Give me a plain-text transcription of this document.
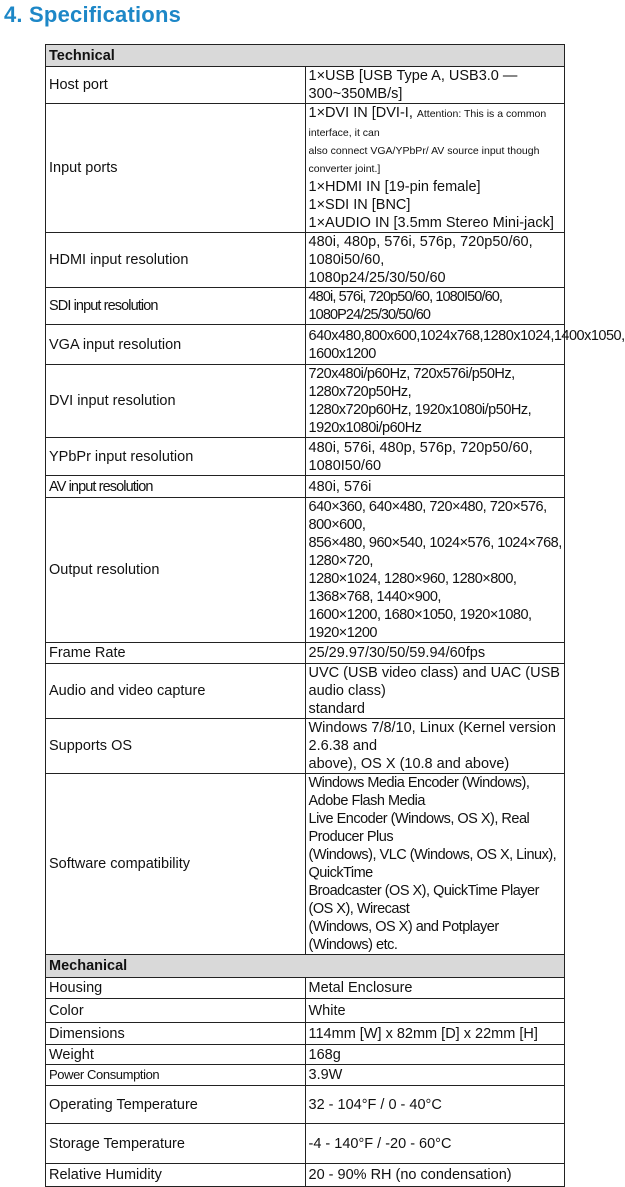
4. Specifications
Technical	
Host port	1×USB [USB Type A, USB3.0 — 300~350MB/s]

Input ports	1×DVI IN [DVI-I, Attention: This is a common interface, it can
also connect VGA/YPbPr/ AV source input though converter joint.]
1×HDMI IN [19-pin female]
1×SDI IN [BNC]
1×AUDIO IN [3.5mm Stereo Mini-jack]

HDMI input resolution	480i, 480p, 576i, 576p, 720p50/60, 1080i50/60,
1080p24/25/30/50/60

SDI input resolution	480i, 576i, 720p50/60, 1080I50/60, 1080P24/25/30/50/60

VGA input resolution	640x480,800x600,1024x768,1280x1024,1400x1050,
1600x1200

DVI input resolution	720x480i/p60Hz, 720x576i/p50Hz, 1280x720p50Hz,
1280x720p60Hz, 1920x1080i/p50Hz, 1920x1080i/p60Hz

YPbPr input resolution	480i, 576i, 480p, 576p, 720p50/60, 1080I50/60

AV input resolution	480i, 576i

Output resolution	640×360, 640×480, 720×480, 720×576, 800×600,
856×480, 960×540, 1024×576, 1024×768, 1280×720,
1280×1024, 1280×960, 1280×800, 1368×768, 1440×900,
1600×1200, 1680×1050, 1920×1080, 1920×1200

Frame Rate	25/29.97/30/50/59.94/60fps

Audio and video capture	UVC (USB video class) and UAC (USB audio class)
standard

Supports OS	Windows 7/8/10, Linux (Kernel version 2.6.38 and
above), OS X (10.8 and above)

Software compatibility	Windows Media Encoder (Windows), Adobe Flash Media
Live Encoder (Windows, OS X), Real Producer Plus
(Windows), VLC (Windows, OS X, Linux), QuickTime
Broadcaster (OS X), QuickTime Player (OS X), Wirecast
(Windows, OS X) and Potplayer (Windows) etc.

Mechanical	
Housing	Metal Enclosure

Color	White

Dimensions	114mm [W] x 82mm [D] x 22mm [H]

Weight	168g

Power Consumption	3.9W

Operating Temperature	32 - 104°F / 0 - 40°C

Storage Temperature	-4 - 140°F / -20 - 60°C

Relative Humidity	20 - 90% RH (no condensation)
